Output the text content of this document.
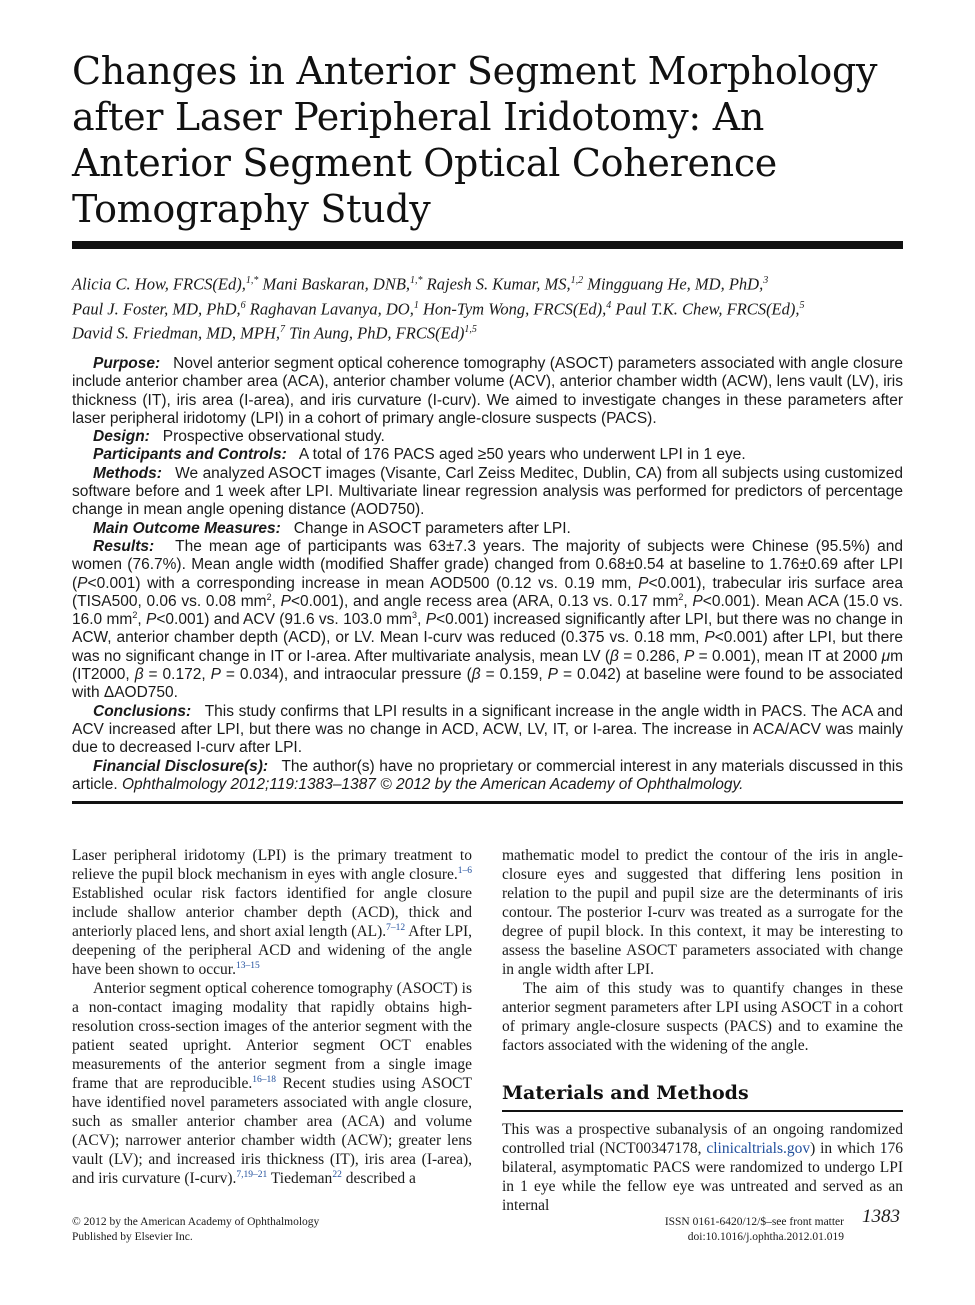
Changes in Anterior Segment Morphology after Laser Peripheral Iridotomy: An Anterior Segment Optical Coherence Tomography Study
Alicia C. How, FRCS(Ed),$^{1,*}$ Mani Baskaran, DNB,$^{1,*}$ Rajesh S. Kumar, MS,$^{1,2}$ Mingguang He, MD, PhD,$^3$
Paul J. Foster, MD, PhD,$^6$ Raghavan Lavanya, DO,$^1$ Hon-Tym Wong, FRCS(Ed),$^4$ Paul T.K. Chew, FRCS(Ed),$^5$
David S. Friedman, MD, MPH,$^7$ Tin Aung, PhD, $FRCS(Ed)^{1,5}$

Purpose: Novel anterior segment optical coherence tomography (ASOCT) parameters associated with angle closure include anterior chamber area (ACA), anterior chamber volume (ACV), anterior chamber width (ACW), lens vault (LV), iris thickness (IT), iris area (I-area), and iris curvature (I-curv). We aimed to investigate changes in these parameters after laser peripheral iridotomy (LPI) in a cohort of primary angle-closure suspects (PACS).

Design: Prospective observational study.

Participants and Controls: A total of 176 PACS aged ≥50 years who underwent LPI in 1 eye.

Methods: We analyzed ASOCT images (Visante, Carl Zeiss Meditec, Dublin, CA) from all subjects using customized software before and 1 week after LPI. Multivariate linear regression analysis was performed for predictors of percentage change in mean angle opening distance (AOD750).

Main Outcome Measures: Change in ASOCT parameters after LPI.

Results: The mean age of participants was 63±7.3 years. The majority of subjects were Chinese (95.5%) and women (76.7%). Mean angle width (modified Shaffer grade) changed from 0.68±0.54 at baseline to 1.76±0.69 after LPI (P<0.001) with a corresponding increase in mean AOD500 (0.12 vs. 0.19 mm, P<0.001), trabecular iris surface area (TISA500, 0.06 vs. 0.08 $mm^2$, P<0.001), and angle recess area (ARA, 0.13 vs. 0.17 $mm^2$, P<0.001). Mean ACA (15.0 vs. 16.0 $mm^2$, P<0.001) and ACV (91.6 vs. 103.0 $mm^3$, P<0.001) increased significantly after LPI, but there was no change in ACW, anterior chamber depth (ACD), or LV. Mean I-curv was reduced (0.375 vs. 0.18 mm, P<0.001) after LPI, but there was no significant change in IT or I-area. After multivariate analysis, mean LV (β = 0.286, P = 0.001), mean IT at 2000 μm (IT2000, β = 0.172, P = 0.034), and intraocular pressure (β = 0.159, P = 0.042) at baseline were found to be associated with ΔAOD750.

Conclusions: This study confirms that LPI results in a significant increase in the angle width in PACS. The ACA and ACV increased after LPI, but there was no change in ACD, ACW, LV, IT, or I-area. The increase in ACA/ACV was mainly due to decreased I-curv after LPI.

Financial Disclosure(s): The author(s) have no proprietary or commercial interest in any materials discussed in this article. Ophthalmology 2012;119:1383–1387 © 2012 by the American Academy of Ophthalmology.

Laser peripheral iridotomy (LPI) is the primary treatment to relieve the pupil block mechanism in eyes with angle closure.$^{1-6}$ Established ocular risk factors identified for angle closure include shallow anterior chamber depth (ACD), thick and anteriorly placed lens, and short axial length (AL).$^{7-12}$ After LPI, deepening of the peripheral ACD and widening of the angle have been shown to occur.$^{13-15}$

Anterior segment optical coherence tomography (ASOCT) is a non-contact imaging modality that rapidly obtains high-resolution cross-section images of the anterior segment with the patient seated upright. Anterior segment OCT enables measurements of the anterior segment from a single image frame that are reproducible.$^{16-18}$ Recent studies using ASOCT have identified novel parameters associated with angle closure, such as smaller anterior chamber area (ACA) and volume (ACV); narrower anterior chamber width (ACW); greater lens vault (LV); and increased iris thickness (IT), iris area (I-area), and iris curvature (I-curv).$^{7,19-21}$ Tiedeman$^{22}$ described a

mathematic model to predict the contour of the iris in angle-closure eyes and suggested that differing lens position in relation to the pupil and pupil size are the determinants of iris contour. The posterior I-curv was treated as a surrogate for the degree of pupil block. In this context, it may be interesting to assess the baseline ASOCT parameters associated with change in angle width after LPI.

The aim of this study was to quantify changes in these anterior segment parameters after LPI using ASOCT in a cohort of primary angle-closure suspects (PACS) and to examine the factors associated with the widening of the angle.

Materials and Methods

This was a prospective subanalysis of an ongoing randomized controlled trial (NCT00347178, clinicaltrials.gov) in which 176 bilateral, asymptomatic PACS were randomized to undergo LPI in 1 eye while the fellow eye was untreated and served as an internal

© 2012 by the American Academy of Ophthalmology
Published by Elsevier Inc.
ISSN 0161-6420/12/$–see front matter
doi:10.1016/j.ophtha.2012.01.019
1383
